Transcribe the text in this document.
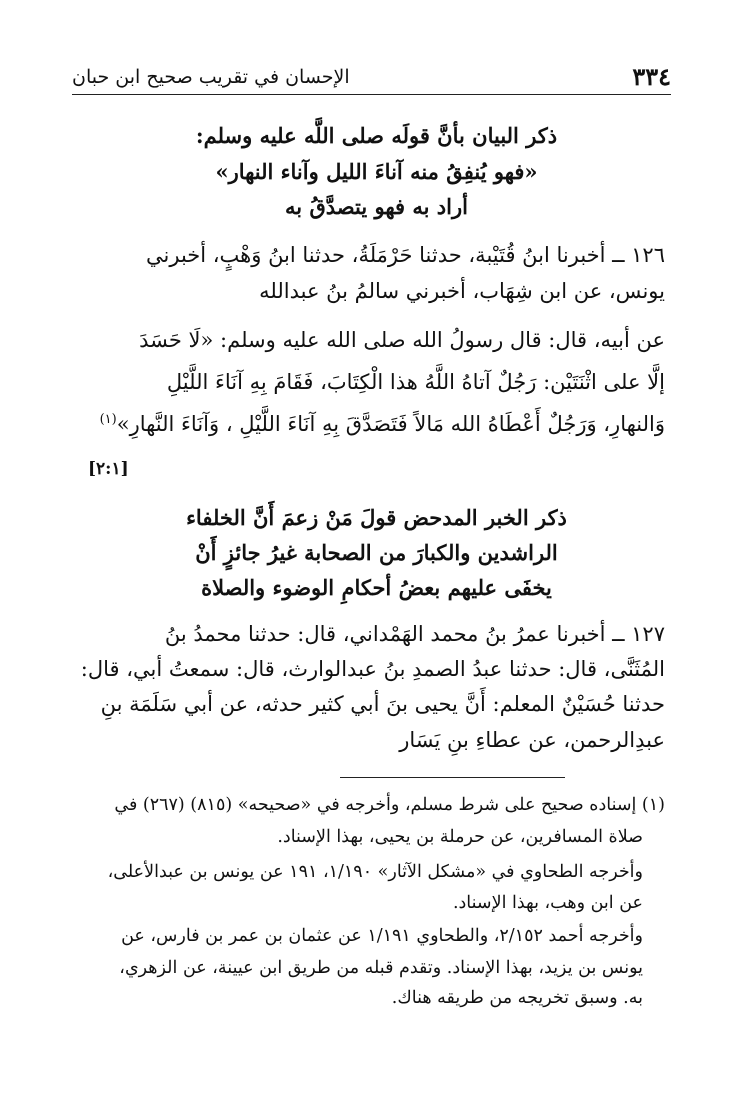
٣٣٤
الإحسان في تقريب صحيح ابن حبان
ذكر البيان بأنَّ قولَه صلى اللَّه عليه وسلم:
«فهو يُنفِقُ منه آناءَ الليل وآناء النهار»
أراد به فهو يتصدَّقُ به
١٢٦ ــ أخبرنا ابنُ قُتَيْبة، حدثنا حَرْمَلَةُ، حدثنا ابنُ وَهْبٍ، أخبرني
يونس، عن ابن شِهَاب، أخبرني سالمُ بنُ عبدالله
عن أبيه، قال: قال رسولُ الله صلى الله عليه وسلم: «لَا حَسَدَ
إلَّا على اثْنَتَيْن: رَجُلٌ آتاهُ اللَّهُ هذا الْكِتَابَ، فَقَامَ بِهِ آنَاءَ اللَّيْلِ
وَالنهارِ، وَرَجُلٌ أَعْطَاهُ الله مَالاً فَتَصَدَّقَ بِهِ آنَاءَ اللَّيْلِ ، وَآنَاءَ النَّهارِ»$^{(١)}$
[٢:١]
ذكر الخبر المدحض قولَ مَنْ زعمَ أَنَّ الخلفاء
الراشدين والكبارَ من الصحابة غيرُ جائزٍ أَنْ
يخفَى عليهم بعضُ أحكامِ الوضوء والصلاة
١٢٧ ــ أخبرنا عمرُ بنُ محمد الهَمْداني، قال: حدثنا محمدُ بنُ
المُثَنَّى، قال: حدثنا عبدُ الصمدِ بنُ عبدالوارث، قال: سمعتُ أبي، قال:
حدثنا حُسَيْنٌ المعلم: أَنَّ يحيى بنَ أبي كثير حدثه، عن أبي سَلَمَة بنِ
عبدِالرحمن، عن عطاءِ بنِ يَسَار
(١) إسناده صحيح على شرط مسلم، وأخرجه في «صحيحه» (٨١٥) (٢٦٧) في
صلاة المسافرين، عن حرملة بن يحيى، بهذا الإسناد.
وأخرجه الطحاوي في «مشكل الآثار» ١/١٩٠، ١٩١ عن يونس بن عبدالأعلى،
عن ابن وهب، بهذا الإسناد.
وأخرجه أحمد ٢/١٥٢، والطحاوي ١/١٩١ عن عثمان بن عمر بن فارس، عن
يونس بن يزيد، بهذا الإسناد. وتقدم قبله من طريق ابن عيينة، عن الزهري،
به. وسبق تخريجه من طريقه هناك.
